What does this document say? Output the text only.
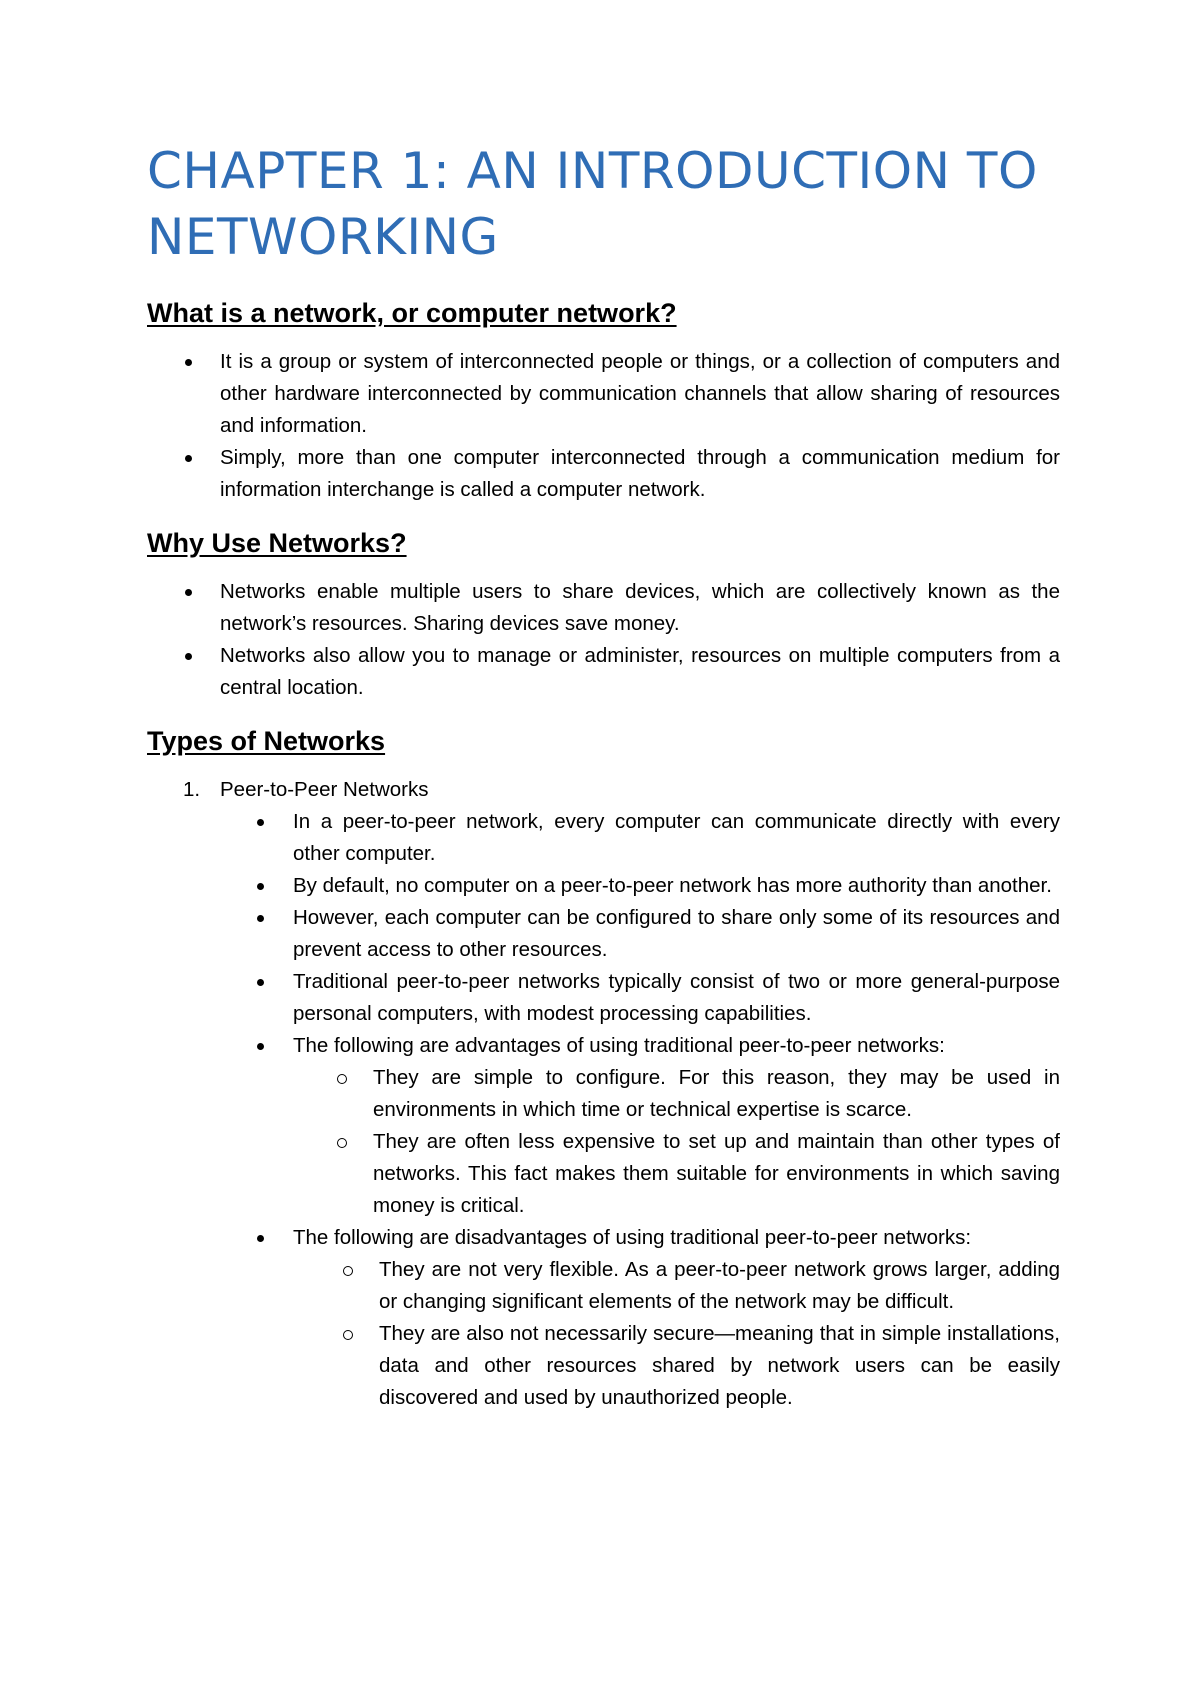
CHAPTER 1: AN INTRODUCTION TO NETWORKING
What is a network, or computer network?
It is a group or system of interconnected people or things, or a collection of computers and other hardware interconnected by communication channels that allow sharing of resources and information.
Simply, more than one computer interconnected through a communication medium for information interchange is called a computer network.
Why Use Networks?
Networks enable multiple users to share devices, which are collectively known as the network’s resources. Sharing devices save money.
Networks also allow you to manage or administer, resources on multiple computers from a central location.
Types of Networks
1. Peer-to-Peer Networks
In a peer-to-peer network, every computer can communicate directly with every other computer.
By default, no computer on a peer-to-peer network has more authority than another.
However, each computer can be configured to share only some of its resources and prevent access to other resources.
Traditional peer-to-peer networks typically consist of two or more general-purpose personal computers, with modest processing capabilities.
The following are advantages of using traditional peer-to-peer networks:
They are simple to configure. For this reason, they may be used in environments in which time or technical expertise is scarce.
They are often less expensive to set up and maintain than other types of networks. This fact makes them suitable for environments in which saving money is critical.
The following are disadvantages of using traditional peer-to-peer networks:
They are not very flexible. As a peer-to-peer network grows larger, adding or changing significant elements of the network may be difficult.
They are also not necessarily secure—meaning that in simple installations, data and other resources shared by network users can be easily discovered and used by unauthorized people.
